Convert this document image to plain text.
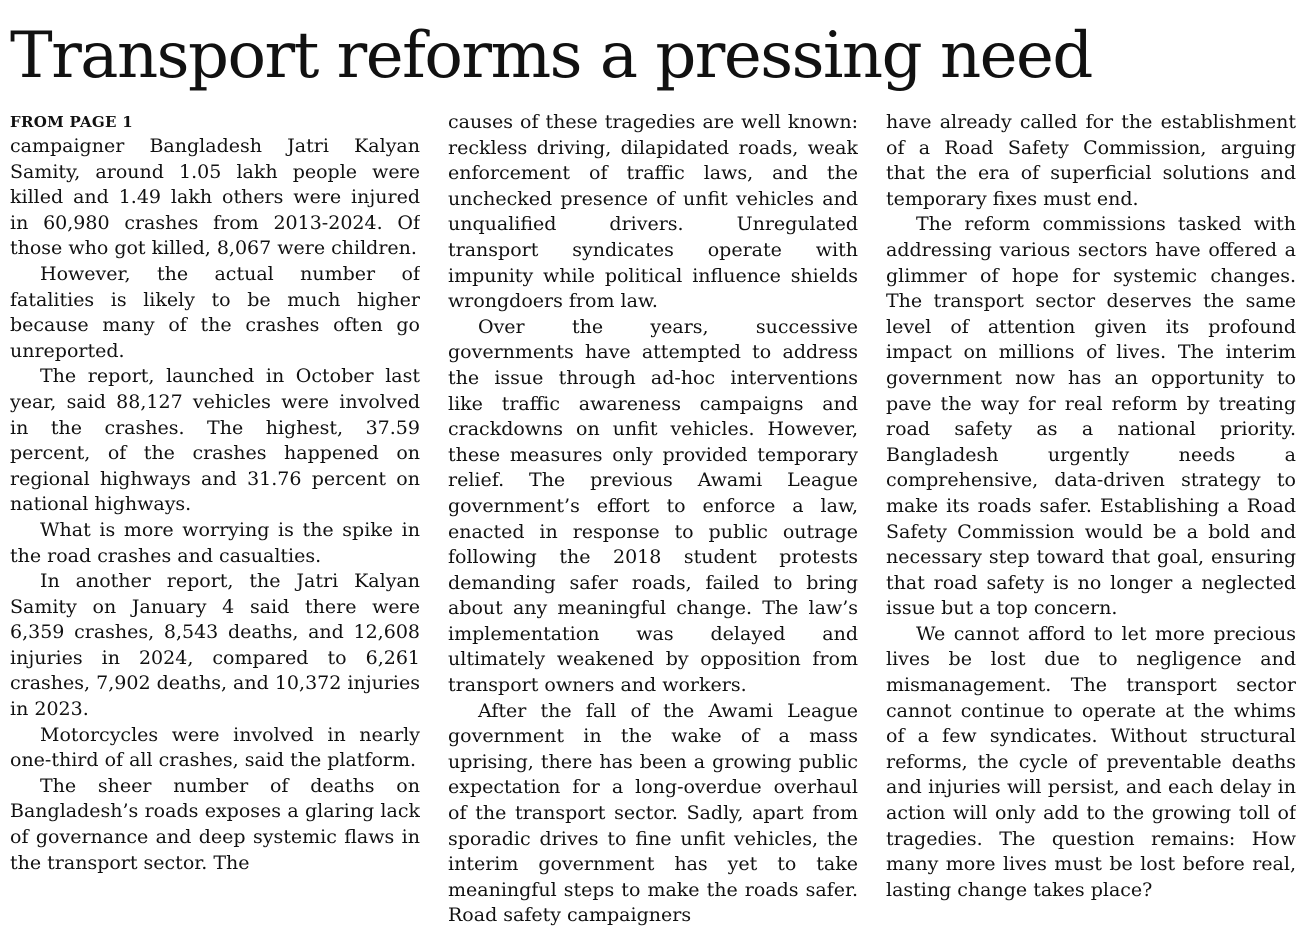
Transport reforms a pressing need
FROM PAGE 1

campaigner Bangladesh Jatri Kalyan Samity, around 1.05 lakh people were killed and 1.49 lakh others were injured in 60,980 crashes from 2013-2024. Of those who got killed, 8,067 were children.

However, the actual number of fatalities is likely to be much higher because many of the crashes often go unreported.

The report, launched in October last year, said 88,127 vehicles were involved in the crashes. The highest, 37.59 percent, of the crashes happened on regional highways and 31.76 percent on national highways.

What is more worrying is the spike in the road crashes and casualties.

In another report, the Jatri Kalyan Samity on January 4 said there were 6,359 crashes, 8,543 deaths, and 12,608 injuries in 2024, compared to 6,261 crashes, 7,902 deaths, and 10,372 injuries in 2023.

Motorcycles were involved in nearly one-third of all crashes, said the platform.

The sheer number of deaths on Bangladesh’s roads exposes a glaring lack of governance and deep systemic flaws in the transport sector. The

causes of these tragedies are well known: reckless driving, dilapidated roads, weak enforcement of traffic laws, and the unchecked presence of unfit vehicles and unqualified drivers. Unregulated transport syndicates operate with impunity while political influence shields wrongdoers from law.

Over the years, successive governments have attempted to address the issue through ad-hoc interventions like traffic awareness campaigns and crackdowns on unfit vehicles. However, these measures only provided temporary relief. The previous Awami League government’s effort to enforce a law, enacted in response to public outrage following the 2018 student protests demanding safer roads, failed to bring about any meaningful change. The law’s implementation was delayed and ultimately weakened by opposition from transport owners and workers.

After the fall of the Awami League government in the wake of a mass uprising, there has been a growing public expectation for a long-overdue overhaul of the transport sector. Sadly, apart from sporadic drives to fine unfit vehicles, the interim government has yet to take meaningful steps to make the roads safer. Road safety campaigners

have already called for the establishment of a Road Safety Commission, arguing that the era of superficial solutions and temporary fixes must end.

The reform commissions tasked with addressing various sectors have offered a glimmer of hope for systemic changes. The transport sector deserves the same level of attention given its profound impact on millions of lives. The interim government now has an opportunity to pave the way for real reform by treating road safety as a national priority. Bangladesh urgently needs a comprehensive, data-driven strategy to make its roads safer. Establishing a Road Safety Commission would be a bold and necessary step toward that goal, ensuring that road safety is no longer a neglected issue but a top concern.

We cannot afford to let more precious lives be lost due to negligence and mismanagement. The transport sector cannot continue to operate at the whims of a few syndicates. Without structural reforms, the cycle of preventable deaths and injuries will persist, and each delay in action will only add to the growing toll of tragedies. The question remains: How many more lives must be lost before real, lasting change takes place?
